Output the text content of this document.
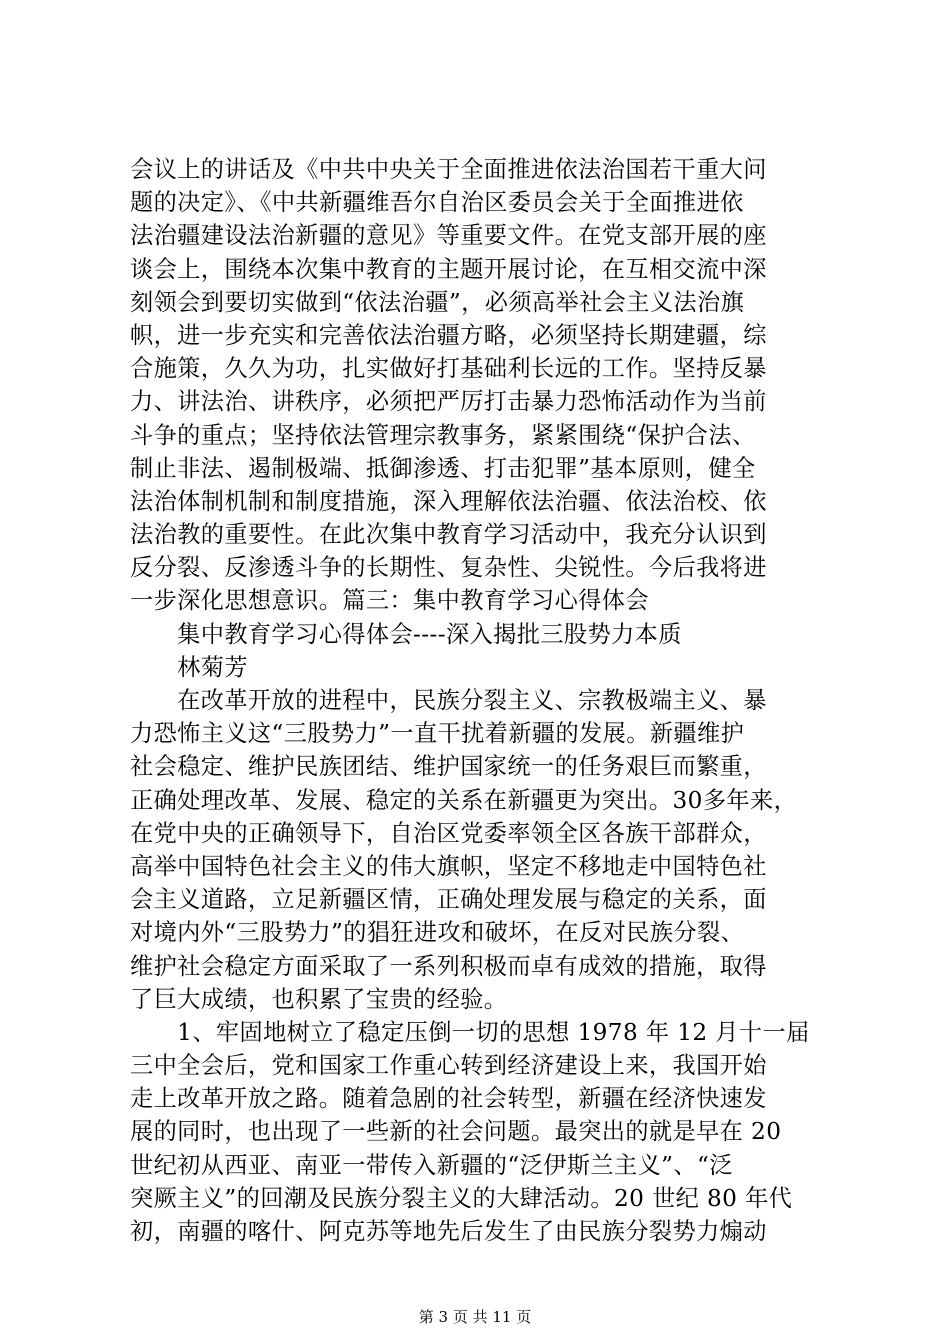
会议上的讲话及《中共中央关于全面推进依法治国若干重大问
题的决定》、《中共新疆维吾尔自治区委员会关于全面推进依
法治疆建设法治新疆的意见》等重要文件。在党支部开展的座
谈会上，围绕本次集中教育的主题开展讨论，在互相交流中深
刻领会到要切实做到“依法治疆”，必须高举社会主义法治旗
帜，进一步充实和完善依法治疆方略，必须坚持长期建疆，综
合施策，久久为功，扎实做好打基础利长远的工作。坚持反暴
力、讲法治、讲秩序，必须把严厉打击暴力恐怖活动作为当前
斗争的重点；坚持依法管理宗教事务，紧紧围绕“保护合法、
制止非法、遏制极端、抵御渗透、打击犯罪”基本原则，健全
法治体制机制和制度措施，深入理解依法治疆、依法治校、依
法治教的重要性。在此次集中教育学习活动中，我充分认识到
反分裂、反渗透斗争的长期性、复杂性、尖锐性。今后我将进
一步深化思想意识。篇三：集中教育学习心得体会
　　集中教育学习心得体会----深入揭批三股势力本质
　　林菊芳
　　在改革开放的进程中，民族分裂主义、宗教极端主义、暴
力恐怖主义这“三股势力”一直干扰着新疆的发展。新疆维护
社会稳定、维护民族团结、维护国家统一的任务艰巨而繁重，
正确处理改革、发展、稳定的关系在新疆更为突出。30多年来，
在党中央的正确领导下，自治区党委率领全区各族干部群众，
高举中国特色社会主义的伟大旗帜，坚定不移地走中国特色社
会主义道路，立足新疆区情，正确处理发展与稳定的关系，面
对境内外“三股势力”的猖狂进攻和破坏，在反对民族分裂、
维护社会稳定方面采取了一系列积极而卓有成效的措施，取得
了巨大成绩，也积累了宝贵的经验。
　　1、牢固地树立了稳定压倒一切的思想 1978 年 12 月十一届
三中全会后，党和国家工作重心转到经济建设上来，我国开始
走上改革开放之路。随着急剧的社会转型，新疆在经济快速发
展的同时，也出现了一些新的社会问题。最突出的就是早在 20
世纪初从西亚、南亚一带传入新疆的“泛伊斯兰主义”、“泛
突厥主义”的回潮及民族分裂主义的大肆活动。20 世纪 80 年代
初，南疆的喀什、阿克苏等地先后发生了由民族分裂势力煽动
第 3 页 共 11 页
